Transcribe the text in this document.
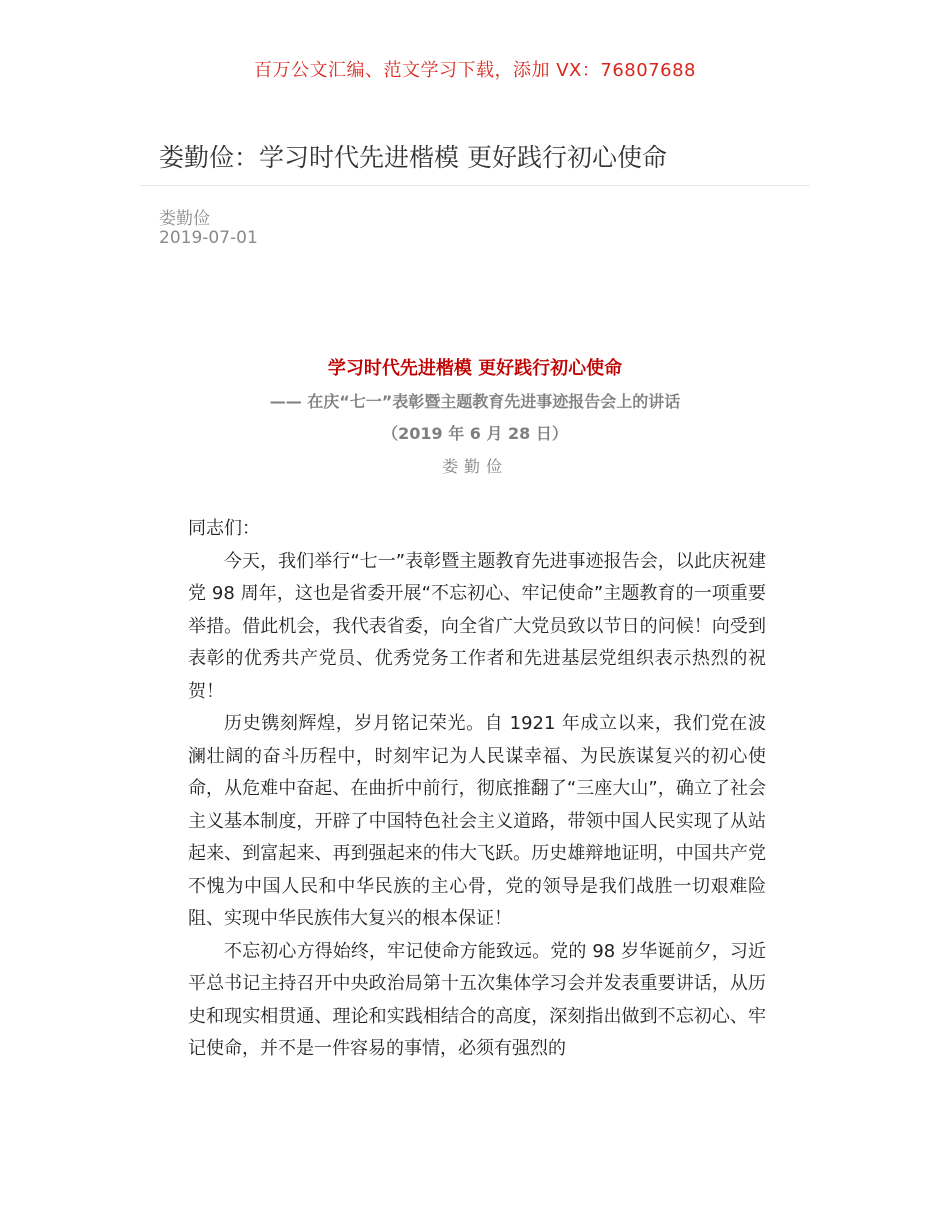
百万公文汇编、范文学习下载，添加 VX：76807688
娄勤俭：学习时代先进楷模 更好践行初心使命
娄勤俭
2019-07-01
学习时代先进楷模 更好践行初心使命
—— 在庆“七一”表彰暨主题教育先进事迹报告会上的讲话
（2019 年 6 月 28 日）
娄勤俭

同志们：

今天，我们举行“七一”表彰暨主题教育先进事迹报告会，以此庆祝建党 98 周年，这也是省委开展“不忘初心、牢记使命”主题教育的一项重要举措。借此机会，我代表省委，向全省广大党员致以节日的问候！向受到表彰的优秀共产党员、优秀党务工作者和先进基层党组织表示热烈的祝贺！

历史镌刻辉煌，岁月铭记荣光。自 1921 年成立以来，我们党在波澜壮阔的奋斗历程中，时刻牢记为人民谋幸福、为民族谋复兴的初心使命，从危难中奋起、在曲折中前行，彻底推翻了“三座大山”，确立了社会主义基本制度，开辟了中国特色社会主义道路，带领中国人民实现了从站起来、到富起来、再到强起来的伟大飞跃。历史雄辩地证明，中国共产党不愧为中国人民和中华民族的主心骨，党的领导是我们战胜一切艰难险阻、实现中华民族伟大复兴的根本保证！

不忘初心方得始终，牢记使命方能致远。党的 98 岁华诞前夕，习近平总书记主持召开中央政治局第十五次集体学习会并发表重要讲话，从历史和现实相贯通、理论和实践相结合的高度，深刻指出做到不忘初心、牢记使命，并不是一件容易的事情，必须有强烈的
